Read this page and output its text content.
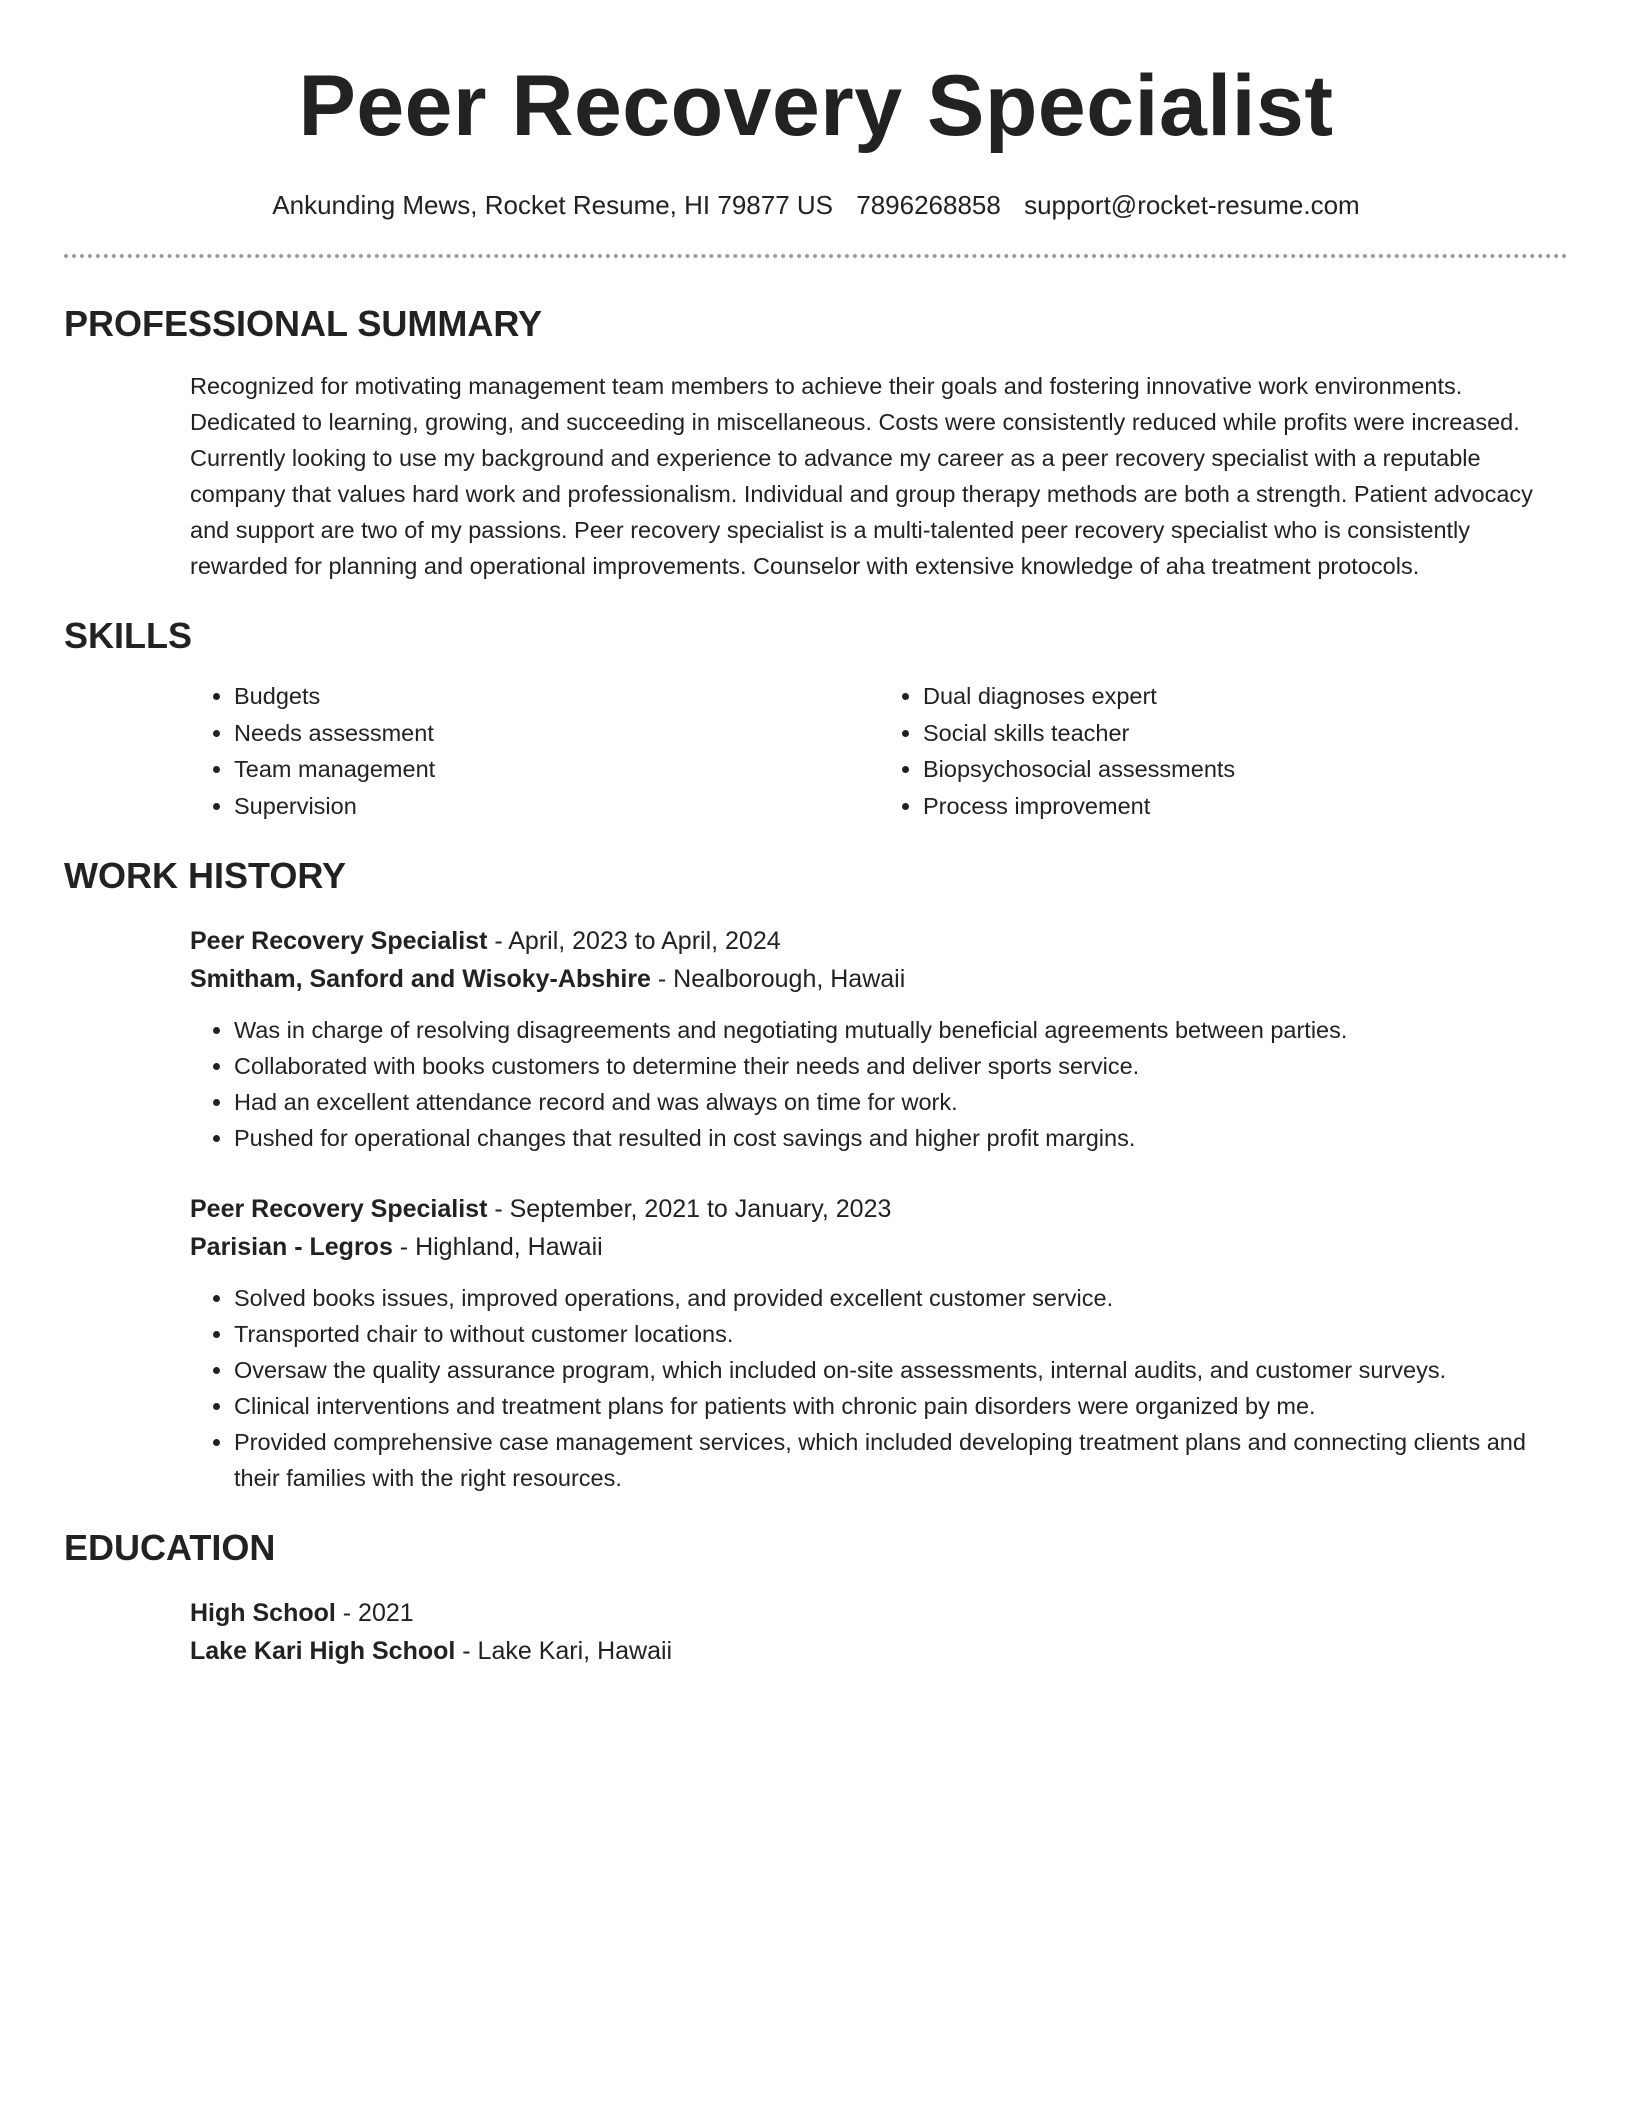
Peer Recovery Specialist
Ankunding Mews, Rocket Resume, HI 79877 US 7896268858 support@rocket-resume.com
PROFESSIONAL SUMMARY
Recognized for motivating management team members to achieve their goals and fostering innovative work environments. Dedicated to learning, growing, and succeeding in miscellaneous. Costs were consistently reduced while profits were increased. Currently looking to use my background and experience to advance my career as a peer recovery specialist with a reputable company that values hard work and professionalism. Individual and group therapy methods are both a strength. Patient advocacy and support are two of my passions. Peer recovery specialist is a multi-talented peer recovery specialist who is consistently rewarded for planning and operational improvements. Counselor with extensive knowledge of aha treatment protocols.
SKILLS
• Budgets
• Needs assessment
• Team management
• Supervision
• Dual diagnoses expert
• Social skills teacher
• Biopsychosocial assessments
• Process improvement
WORK HISTORY
Peer Recovery Specialist - April, 2023 to April, 2024
Smitham, Sanford and Wisoky-Abshire - Nealborough, Hawaii
• Was in charge of resolving disagreements and negotiating mutually beneficial agreements between parties.
• Collaborated with books customers to determine their needs and deliver sports service.
• Had an excellent attendance record and was always on time for work.
• Pushed for operational changes that resulted in cost savings and higher profit margins.
Peer Recovery Specialist - September, 2021 to January, 2023
Parisian - Legros - Highland, Hawaii
• Solved books issues, improved operations, and provided excellent customer service.
• Transported chair to without customer locations.
• Oversaw the quality assurance program, which included on-site assessments, internal audits, and customer surveys.
• Clinical interventions and treatment plans for patients with chronic pain disorders were organized by me.
• Provided comprehensive case management services, which included developing treatment plans and connecting clients and their families with the right resources.
EDUCATION
High School - 2021
Lake Kari High School - Lake Kari, Hawaii
